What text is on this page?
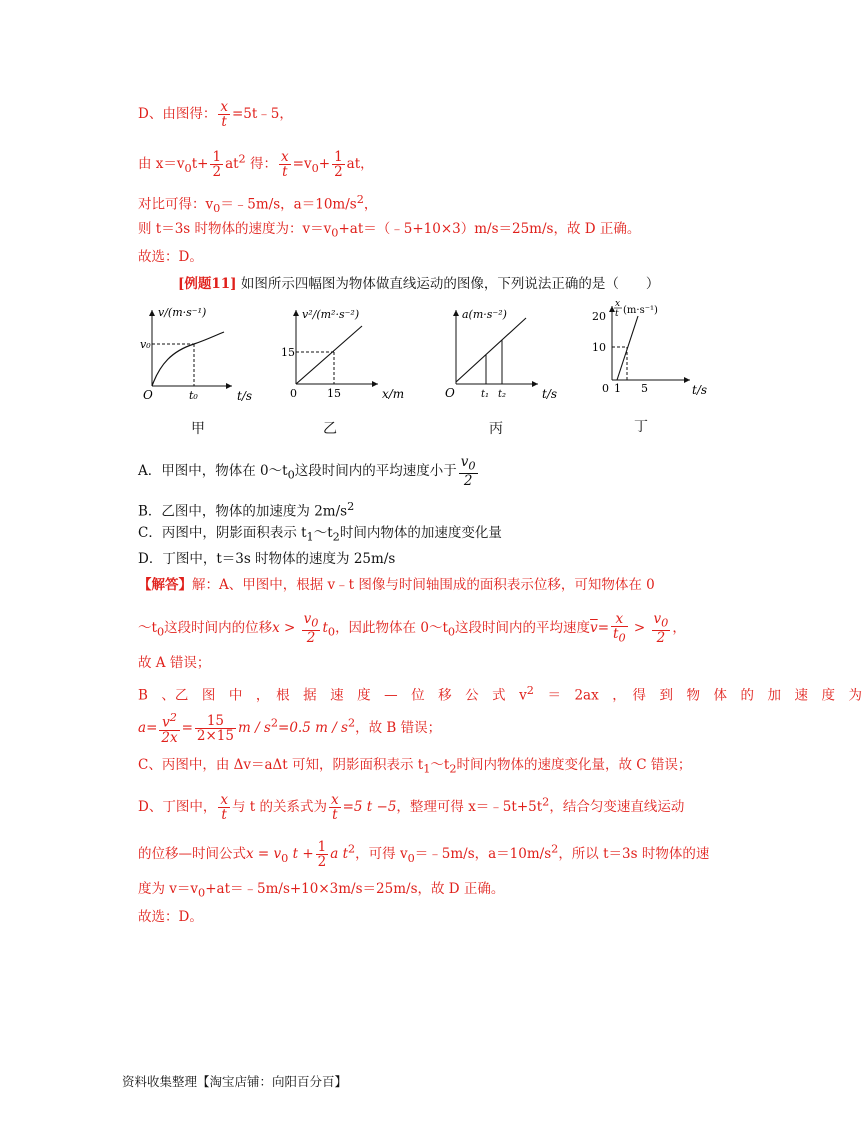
D、由图得： $\frac{x}{t}$ =5t﹣5，
由 $x=v_0t+ \frac{1}{2} at^2$ 得： $\frac{x}{t} =v_0+ \frac{1}{2}$ at，
对比可得：$v_0=﹣5m/s$，$a=10m/s^2$，
则 t＝3s 时物体的速度为：$v=v_0+at=(﹣5+10\times 3)m/s=25m/s$，故 D 正确。
故选：D。
[例题11] 如图所示四幅图为物体做直线运动的图像，下列说法正确的是（　　）
v/(m·s⁻¹)
v₀
t₀	t/s
O
v²/(m²·s⁻²)
15
15	x/m
0
a(m·s⁻²)
t₁ t₂	t/s
O
x
t (m·s⁻¹)
20
10
0 1 5	t/s
甲	乙	丙	丁
A．甲图中，物体在 $0\sim t_0$这段时间内的平均速度小于 $\frac{v_0}{2}$
B．乙图中，物体的加速度为 $2m/s^2$
C．丙图中，阴影面积表示 $t_1\sim t_2$时间内物体的加速度变化量
D．丁图中，t＝3s 时物体的速度为 25m/s
【解答】解：A、甲图中，根据 v﹣t 图像与时间轴围成的面积表示位移，可知物体在 0
$\sim t_0$这段时间内的位移$x > \frac{v_0}{2} t_0$，因此物体在 $0\sim t_0$这段时间内的平均速度$\overline{v}= \frac{x}{t_0} > \frac{v_0}{2}$ ，
故 A 错误；
B　、乙　图　中　，　根　据　速　度　—　位　移　公　式　$v^2$　＝　2ax　，　得　到　物　体　的　加　速　度　为
$a= \frac{v^2}{2x} = \frac{15}{2\times 15}$ $m / s^2=0.5$ m / $s^2$，故 B 错误；
C、丙图中，由 Δv＝aΔt 可知，阴影面积表示 $t_1\sim t_2$时间内物体的速度变化量，故 C 错误；
D、丁图中， $\frac{x}{t}$ 与 t 的关系式为 $\frac{x}{t} =5$ t −5，整理可得 $x=﹣5t+5t^2$，结合匀变速直线运动
的位移—时间公式$x = v_0$ $t + \frac{1}{2}$ a $t^2$，可得 $v_0=﹣5m/s$，$a=10m/s^2$，所以 t＝3s 时物体的速
度为 $v=v_0+at=﹣5m/s+10\times 3m/s=25m/s$，故 D 正确。
故选：D。
资料收集整理【淘宝店铺：向阳百分百】
